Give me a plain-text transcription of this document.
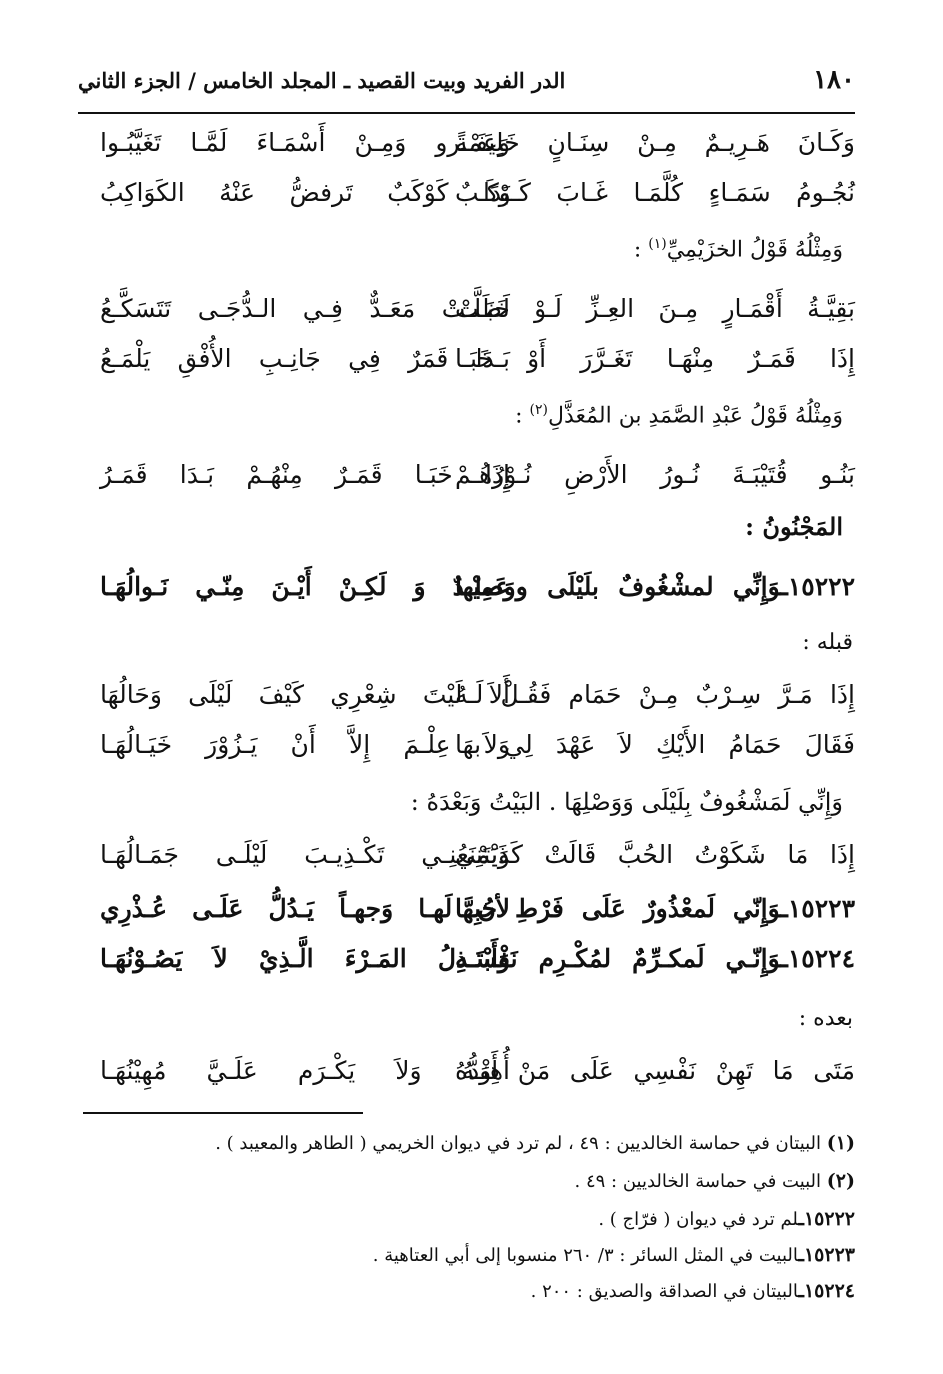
١٨٠
الدر الفريد وبيت القصيد ـ المجلد الخامس / الجزء الثاني
وَكَـانَ هَـرِيـمٌ مِـنْ سِنَـانٍ خَلِيفَـةً
وَعَمْـرو وَمِـنْ أَسْمَـاءَ لَمَّـا تَغَيَّبُـوا
نُجُـومُ سَمَـاءٍ كُلَّمَـا غَـابَ كَـوْكَـبٌ
بَدَا كَوْكَبٌ تَرفضُّ عَنْهُ الكَوَاكِبُ
وَمِثْلُهُ قَوْلُ الخزَيْمِيِّ$^{(١)}$ :
بَقِيَّـةُ أَقْمَـارٍ مِـنَ العِـزِّ لَـوْ خَبَـتْ
لَظَلَّـتْ مَعَـدٌّ فِـي الـدُّجَـى تَتَسَكَّـعُ
إِذَا قَمَـرٌ مِنْهَـا تَغَـرَّرَ أَوْ خَبَـا
بَـدَا قَمَرٌ فِي جَانِـبِ الأُفْقِ يَلْمَـعُ
وَمِثْلُهُ قَوْلُ عَبْدِ الصَّمَدِ بن المُعَذَّلِ$^{(٢)}$ :
بَنُـو قُتَيْبَـةَ نُـورُ الأَرْضِ نُـوْرُهُـمْ
إِذَا خَبَـا قَمَـرٌ مِنْهُـمْ بَـدَا قَمَـرُ
المَجْنُونُ :
١٥٢٢٢ـوَإِنِّي لمشْغُوفٌ بلَيْلَى ووَصلها
عَمِيْـدٌ وَ لَكِـنْ أَيْـنَ مِنّـي نَـوالُهَـا
قبله :
إِذَا مَـرَّ سِـرْبٌ مِـنْ حَمَام فَقُـلْ لَـهُ
أَلاَ لَيْتَ شِعْرِي كَيْفَ لَيْلَى وَحَالُهَا
فَقَالَ حَمَامُ الأَيْكِ لاَ عَهْدَ لِي بهَا
وَلاَ عِلْـمَ إِلاَّ أَنْ يَـزُوْرَ خَيَـالُهَـا
وَإِنِّي لَمَشْغُوفٌ بِلَيْلَى وَوَصْلِهَا . البَيْتُ وَبَعْدَهُ :
إِذَا مَا شَكَوْتُ الحُبَّ قَالَتْ كَذَبْتَنِي
وَيَمْنَعُنِـي تَكْـذِيـبَ لَيْلَـى جَمَـالُهَـا
١٥٢٢٣ـوَإِنّي لَمعْذُورٌ عَلَى فَرْطِ حُبِهَّا
لأن لَهـا وَجهـاً يَـدُلُّ عَلَـى عُـذْرِي
١٥٢٢٤ـوَإِنّـي لَمكـرِّمٌ لمُكْـرِم نَفْسـهِ
وَأَبْتَـذِلُ المَـرْءَ الَّـذِيْ لاَ يَصُـوْنُهَـا
بعده :
مَتَى مَا تَهِنْ نَفْسِي عَلَى مَنْ أَوَدُّهُ
أُهِنْـهُ وَلاَ يَكْـرَم عَلَـيَّ مُهِيْنُهَـا
(١) البيتان في حماسة الخالديين : ٤٩ ، لم ترد في ديوان الخريمي ( الطاهر والمعيبد ) .
(٢) البيت في حماسة الخالديين : ٤٩ .
١٥٢٢٢ـلم ترد في ديوان ( فرّاج ) .
١٥٢٢٣ـالبيت في المثل السائر : ٣/ ٢٦٠ منسوبا إلى أبي العتاهية .
١٥٢٢٤ـالبيتان في الصداقة والصديق : ٢٠٠ .
